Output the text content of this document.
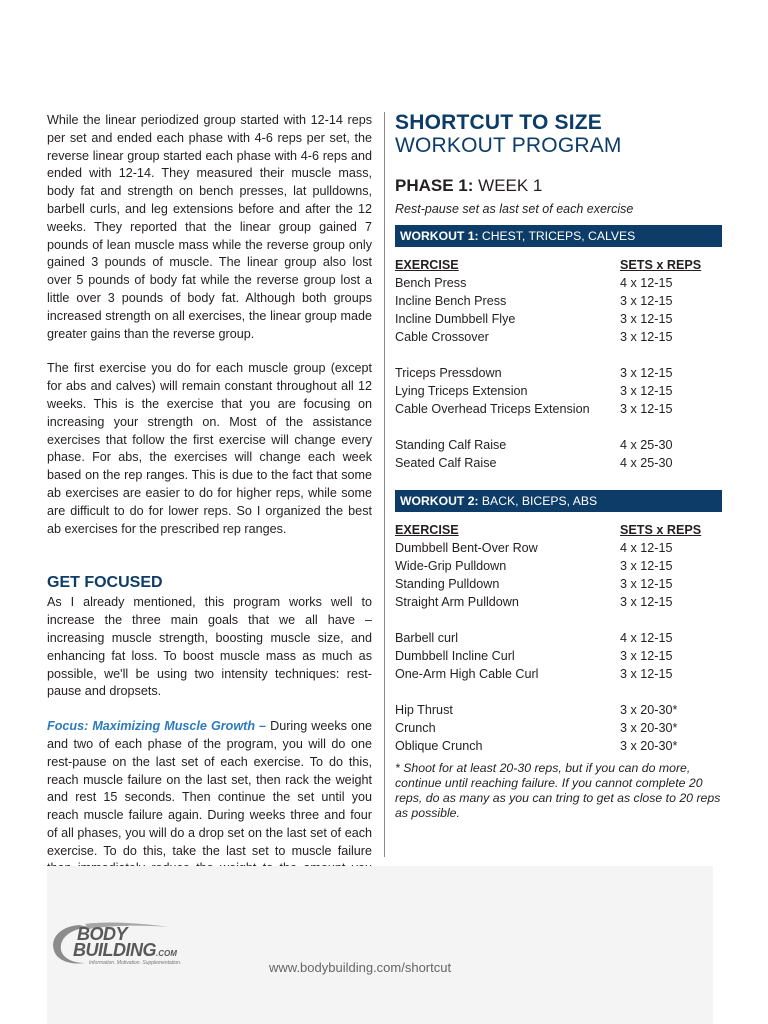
While the linear periodized group started with 12-14 reps per set and ended each phase with 4-6 reps per set, the reverse linear group started each phase with 4-6 reps and ended with 12-14. They measured their muscle mass, body fat and strength on bench presses, lat pulldowns, barbell curls, and leg extensions before and after the 12 weeks. They reported that the linear group gained 7 pounds of lean muscle mass while the reverse group only gained 3 pounds of muscle. The linear group also lost over 5 pounds of body fat while the reverse group lost a little over 3 pounds of body fat. Although both groups increased strength on all exercises, the linear group made greater gains than the reverse group.

The first exercise you do for each muscle group (except for abs and calves) will remain constant throughout all 12 weeks. This is the exercise that you are focusing on increasing your strength on. Most of the assistance exercises that follow the first exercise will change every phase. For abs, the exercises will change each week based on the rep ranges. This is due to the fact that some ab exercises are easier to do for higher reps, while some are difficult to do for lower reps. So I organized the best ab exercises for the prescribed rep ranges.

GET FOCUSED

As I already mentioned, this program works well to increase the three main goals that we all have – increasing muscle strength, boosting muscle size, and enhancing fat loss. To boost muscle mass as much as possible, we'll be using two intensity techniques: rest-pause and dropsets.

Focus: Maximizing Muscle Growth – During weeks one and two of each phase of the program, you will do one rest-pause on the last set of each exercise. To do this, reach muscle failure on the last set, then rack the weight and rest 15 seconds. Then continue the set until you reach muscle failure again. During weeks three and four of all phases, you will do a drop set on the last set of each exercise. To do this, take the last set to muscle failure

SHORTCUT TO SIZE
WORKOUT PROGRAM
PHASE 1: WEEK 1
Rest-pause set as last set of each exercise
WORKOUT 1: CHEST, TRICEPS, CALVES
EXERCISE	SETS x REPS
Bench Press	4 x 12-15
Incline Bench Press	3 x 12-15
Incline Dumbbell Flye	3 x 12-15
Cable Crossover	3 x 12-15

Triceps Pressdown	3 x 12-15
Lying Triceps Extension	3 x 12-15
Cable Overhead Triceps Extension	3 x 12-15

Standing Calf Raise	4 x 25-30
Seated Calf Raise	4 x 25-30
WORKOUT 2: BACK, BICEPS, ABS
EXERCISE	SETS x REPS
Dumbbell Bent-Over Row	4 x 12-15
Wide-Grip Pulldown	3 x 12-15
Standing Pulldown	3 x 12-15
Straight Arm Pulldown	3 x 12-15

Barbell curl	4 x 12-15
Dumbbell Incline Curl	3 x 12-15
One-Arm High Cable Curl	3 x 12-15

Hip Thrust	3 x 20-30*
Crunch	3 x 20-30*
Oblique Crunch	3 x 20-30*

* Shoot for at least 20-30 reps, but if you can do more, continue until reaching failure. If you cannot complete 20 reps, do as many as you can tring to get as close to 20 reps as possible.

BODY
BUILDING.COM
Information. Motivation. Supplementation.	www.bodybuilding.com/shortcut
